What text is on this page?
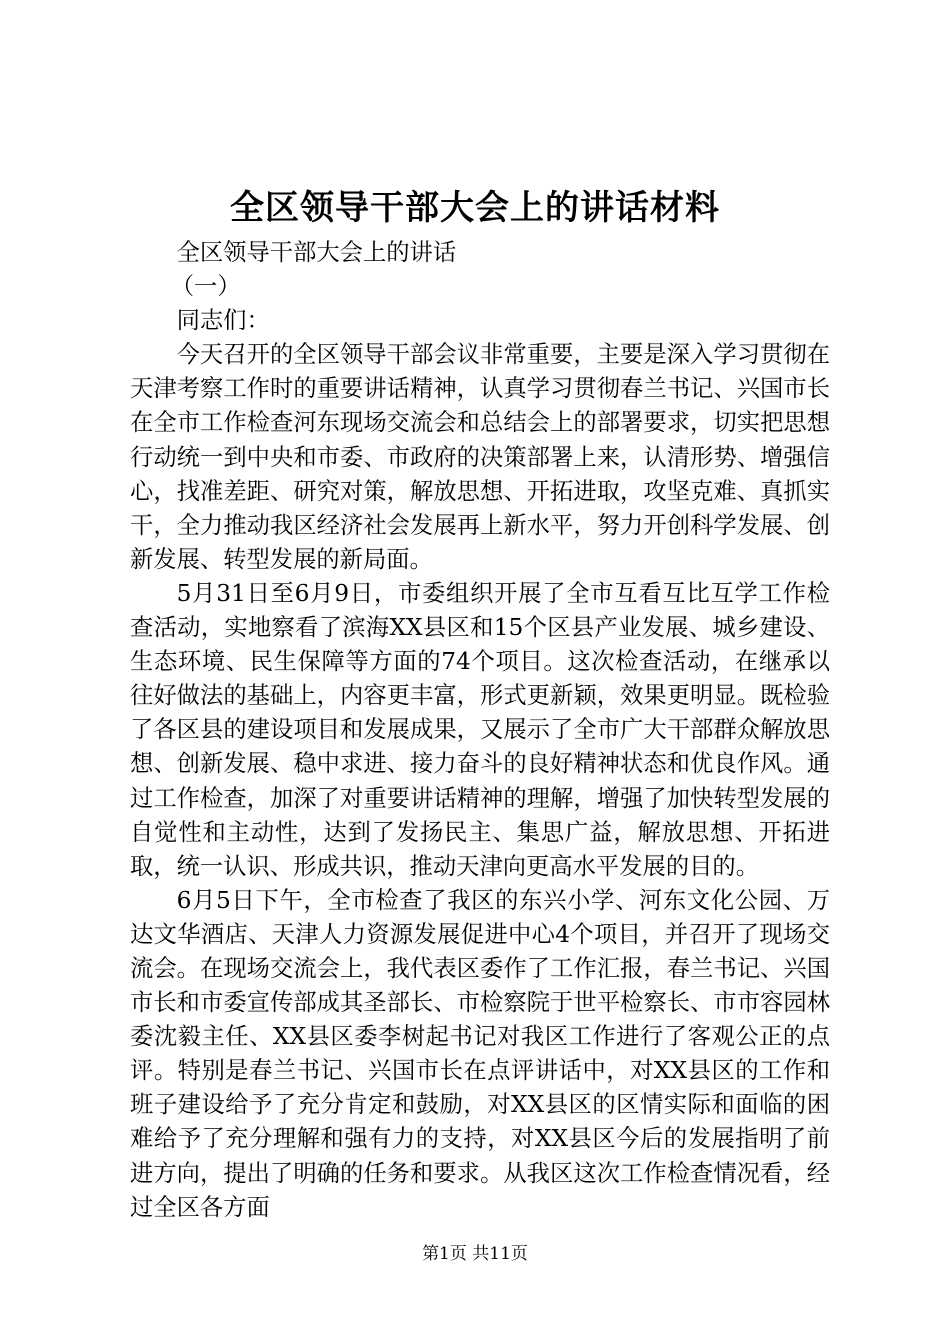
全区领导干部大会上的讲话材料

全区领导干部大会上的讲话

（一）

同志们：

今天召开的全区领导干部会议非常重要，主要是深入学习贯彻在天津考察工作时的重要讲话精神，认真学习贯彻春兰书记、兴国市长在全市工作检查河东现场交流会和总结会上的部署要求，切实把思想行动统一到中央和市委、市政府的决策部署上来，认清形势、增强信心，找准差距、研究对策，解放思想、开拓进取，攻坚克难、真抓实干，全力推动我区经济社会发展再上新水平，努力开创科学发展、创新发展、转型发展的新局面。

5月31日至6月9日，市委组织开展了全市互看互比互学工作检查活动，实地察看了滨海XX县区和15个区县产业发展、城乡建设、生态环境、民生保障等方面的74个项目。这次检查活动，在继承以往好做法的基础上，内容更丰富，形式更新颖，效果更明显。既检验了各区县的建设项目和发展成果，又展示了全市广大干部群众解放思想、创新发展、稳中求进、接力奋斗的良好精神状态和优良作风。通过工作检查，加深了对重要讲话精神的理解，增强了加快转型发展的自觉性和主动性，达到了发扬民主、集思广益，解放思想、开拓进取，统一认识、形成共识，推动天津向更高水平发展的目的。

6月5日下午，全市检查了我区的东兴小学、河东文化公园、万达文华酒店、天津人力资源发展促进中心4个项目，并召开了现场交流会。在现场交流会上，我代表区委作了工作汇报，春兰书记、兴国市长和市委宣传部成其圣部长、市检察院于世平检察长、市市容园林委沈毅主任、XX县区委李树起书记对我区工作进行了客观公正的点评。特别是春兰书记、兴国市长在点评讲话中，对XX县区的工作和班子建设给予了充分肯定和鼓励，对XX县区的区情实际和面临的困难给予了充分理解和强有力的支持，对XX县区今后的发展指明了前进方向，提出了明确的任务和要求。从我区这次工作检查情况看，经过全区各方面

第1页 共11页
